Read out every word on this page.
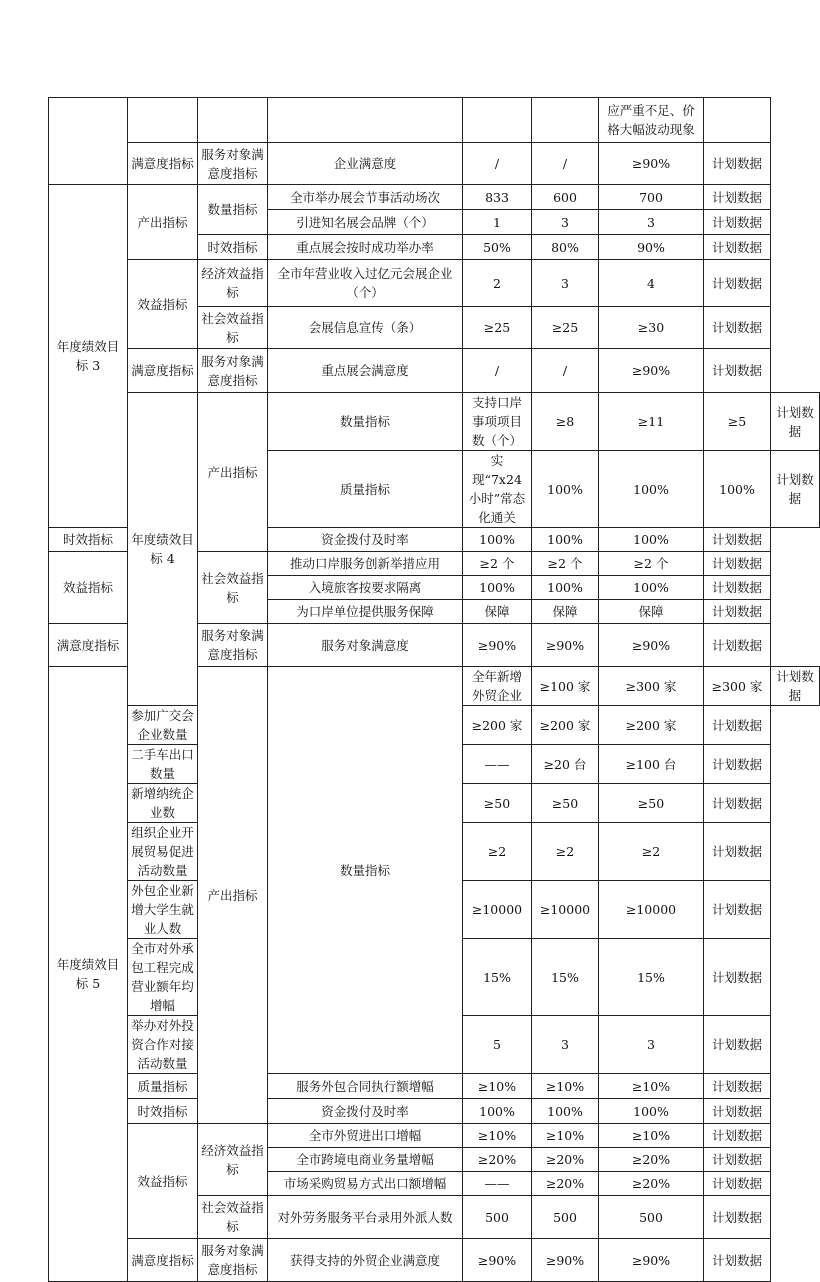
						应严重不足、价格大幅波动现象		
	满意度指标	服务对象满意度指标	企业满意度	/	/	≥90%	计划数据	
年度绩效目标 3	产出指标	数量指标	全市举办展会节事活动场次	833	600	700	计划数据	
			引进知名展会品牌（个）	1	3	3	计划数据	
		时效指标	重点展会按时成功举办率	50%	80%	90%	计划数据	
	效益指标	经济效益指标	全市年营业收入过亿元会展企业（个）	2	3	4	计划数据	
		社会效益指标	会展信息宣传（条）	≥25	≥25	≥30	计划数据	
	满意度指标	服务对象满意度指标	重点展会满意度	/	/	≥90%	计划数据	
	年度绩效目标 4	产出指标	数量指标	支持口岸事项项目数（个）	≥8	≥11	≥5	计划数据
			质量指标	实现“7x24 小时”常态化通关	100%	100%	100%	计划数据
时效指标			资金拨付及时率	100%	100%	100%	计划数据	
效益指标		社会效益指标	推动口岸服务创新举措应用	≥2 个	≥2 个	≥2 个	计划数据	
			入境旅客按要求隔离	100%	100%	100%	计划数据	
			为口岸单位提供服务保障	保障	保障	保障	计划数据	
满意度指标		服务对象满意度指标	服务对象满意度	≥90%	≥90%	≥90%	计划数据	
年度绩效目标 5		产出指标	数量指标	全年新增外贸企业	≥100 家	≥300 家	≥300 家	计划数据
	参加广交会企业数量			≥200 家	≥200 家	≥200 家	计划数据	
	二手车出口数量			——	≥20 台	≥100 台	计划数据	
	新增纳统企业数			≥50	≥50	≥50	计划数据	
	组织企业开展贸易促进活动数量			≥2	≥2	≥2	计划数据	
	外包企业新增大学生就业人数			≥10000	≥10000	≥10000	计划数据	
	全市对外承包工程完成营业额年均增幅			15%	15%	15%	计划数据	
	举办对外投资合作对接活动数量			5	3	3	计划数据	
	质量指标		服务外包合同执行额增幅	≥10%	≥10%	≥10%	计划数据	
	时效指标		资金拨付及时率	100%	100%	100%	计划数据	
	效益指标	经济效益指标	全市外贸进出口增幅	≥10%	≥10%	≥10%	计划数据	
			全市跨境电商业务量增幅	≥20%	≥20%	≥20%	计划数据	
			市场采购贸易方式出口额增幅	——	≥20%	≥20%	计划数据	
		社会效益指标	对外劳务服务平台录用外派人数	500	500	500	计划数据	
	满意度指标	服务对象满意度指标	获得支持的外贸企业满意度	≥90%	≥90%	≥90%	计划数据	
